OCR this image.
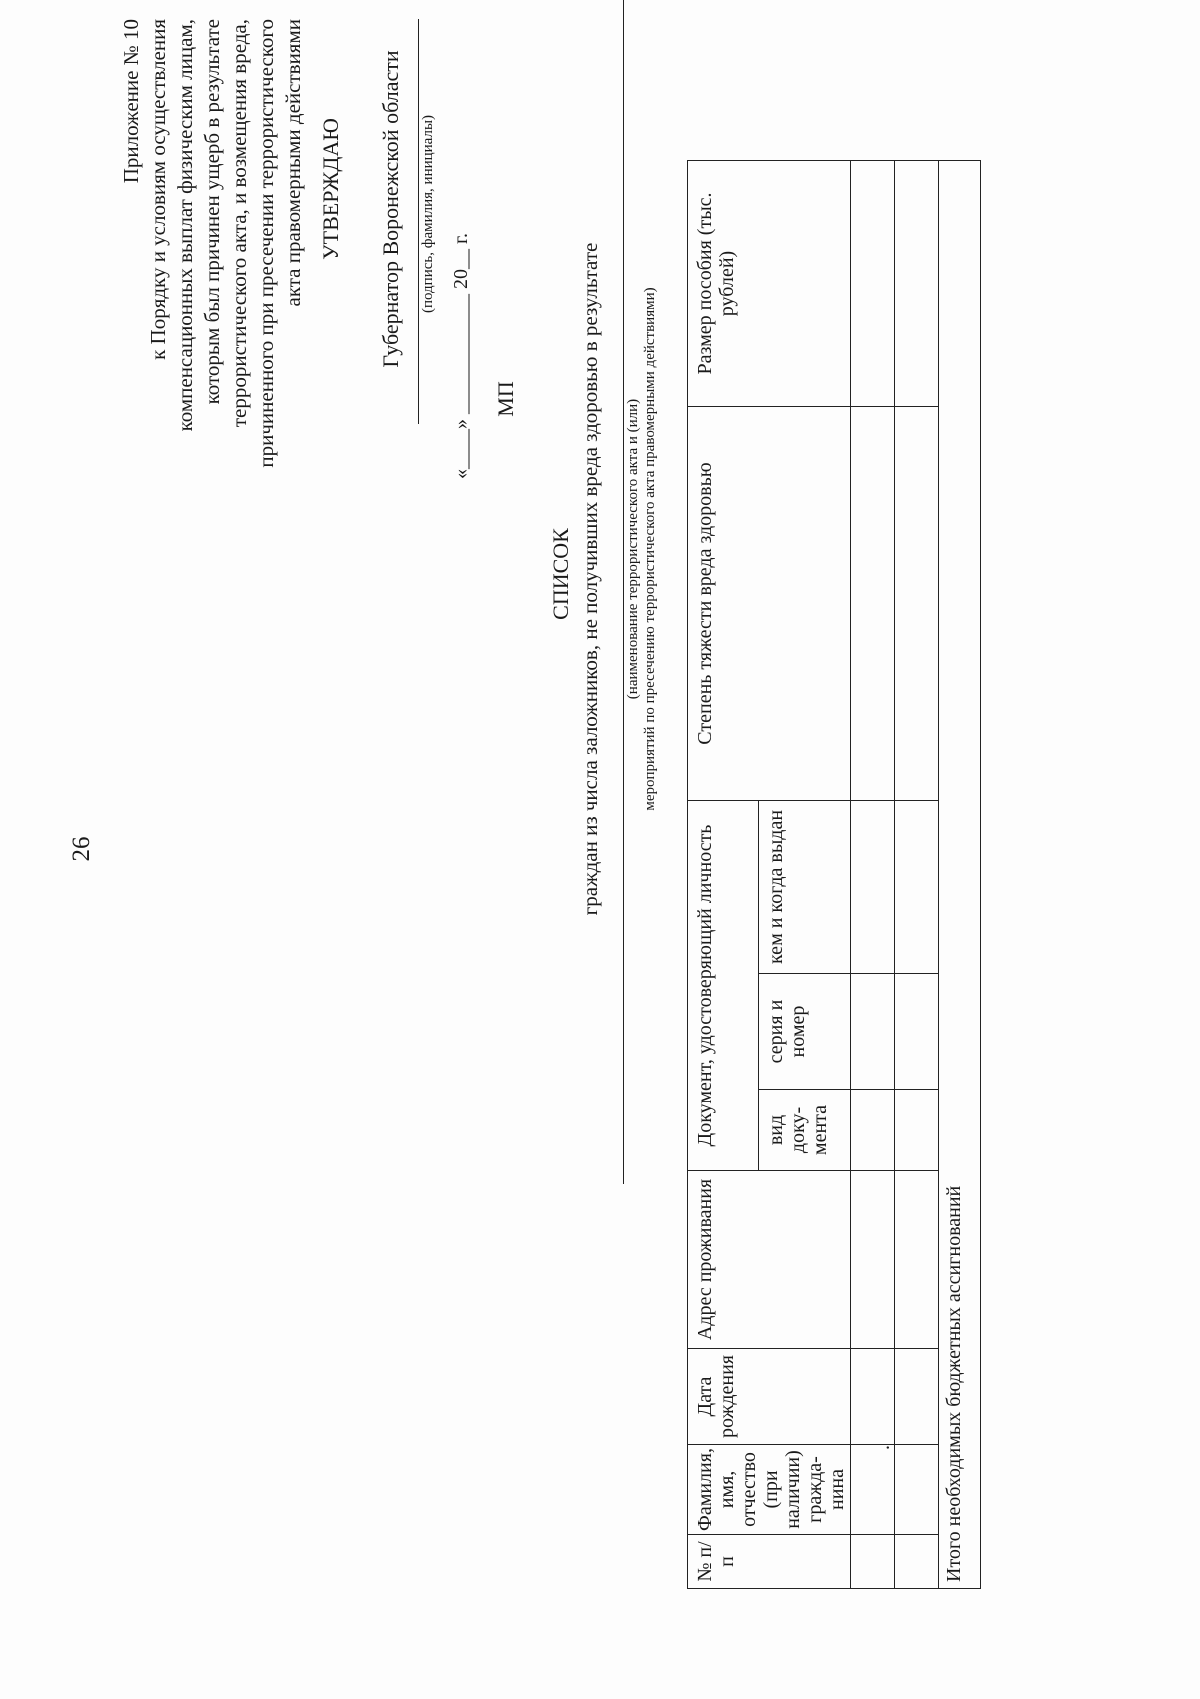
26
Приложение № 10 к Порядку и условиям осуществления компенсационных выплат физическим лицам, которым был причинен ущерб в результате террористического акта, и возмещения вреда, причиненного при пресечении террористического акта правомерными действиями УТВЕРЖДАЮ Губернатор Воронежской области (подпись, фамилия, инициалы)
«____» ____________ 20__ г. МП
СПИСОК граждан из числа заложников, не получивших вреда здоровью в результате (наименование террористического акта и (или) мероприятий по пресечению террористического акта правомерными действиями)
№ п/п	Фамилия, имя, отчество (при наличии) гражда- нина	Дата рождения	Адрес проживания	Документ, удостоверяющий личность			Степень тяжести вреда здоровью	Размер пособия (тыс. рублей)
				вид доку- мента	серия и номер	кем и когда выдан		
	.							

Итого необходимых бюджетных ассигнований								
